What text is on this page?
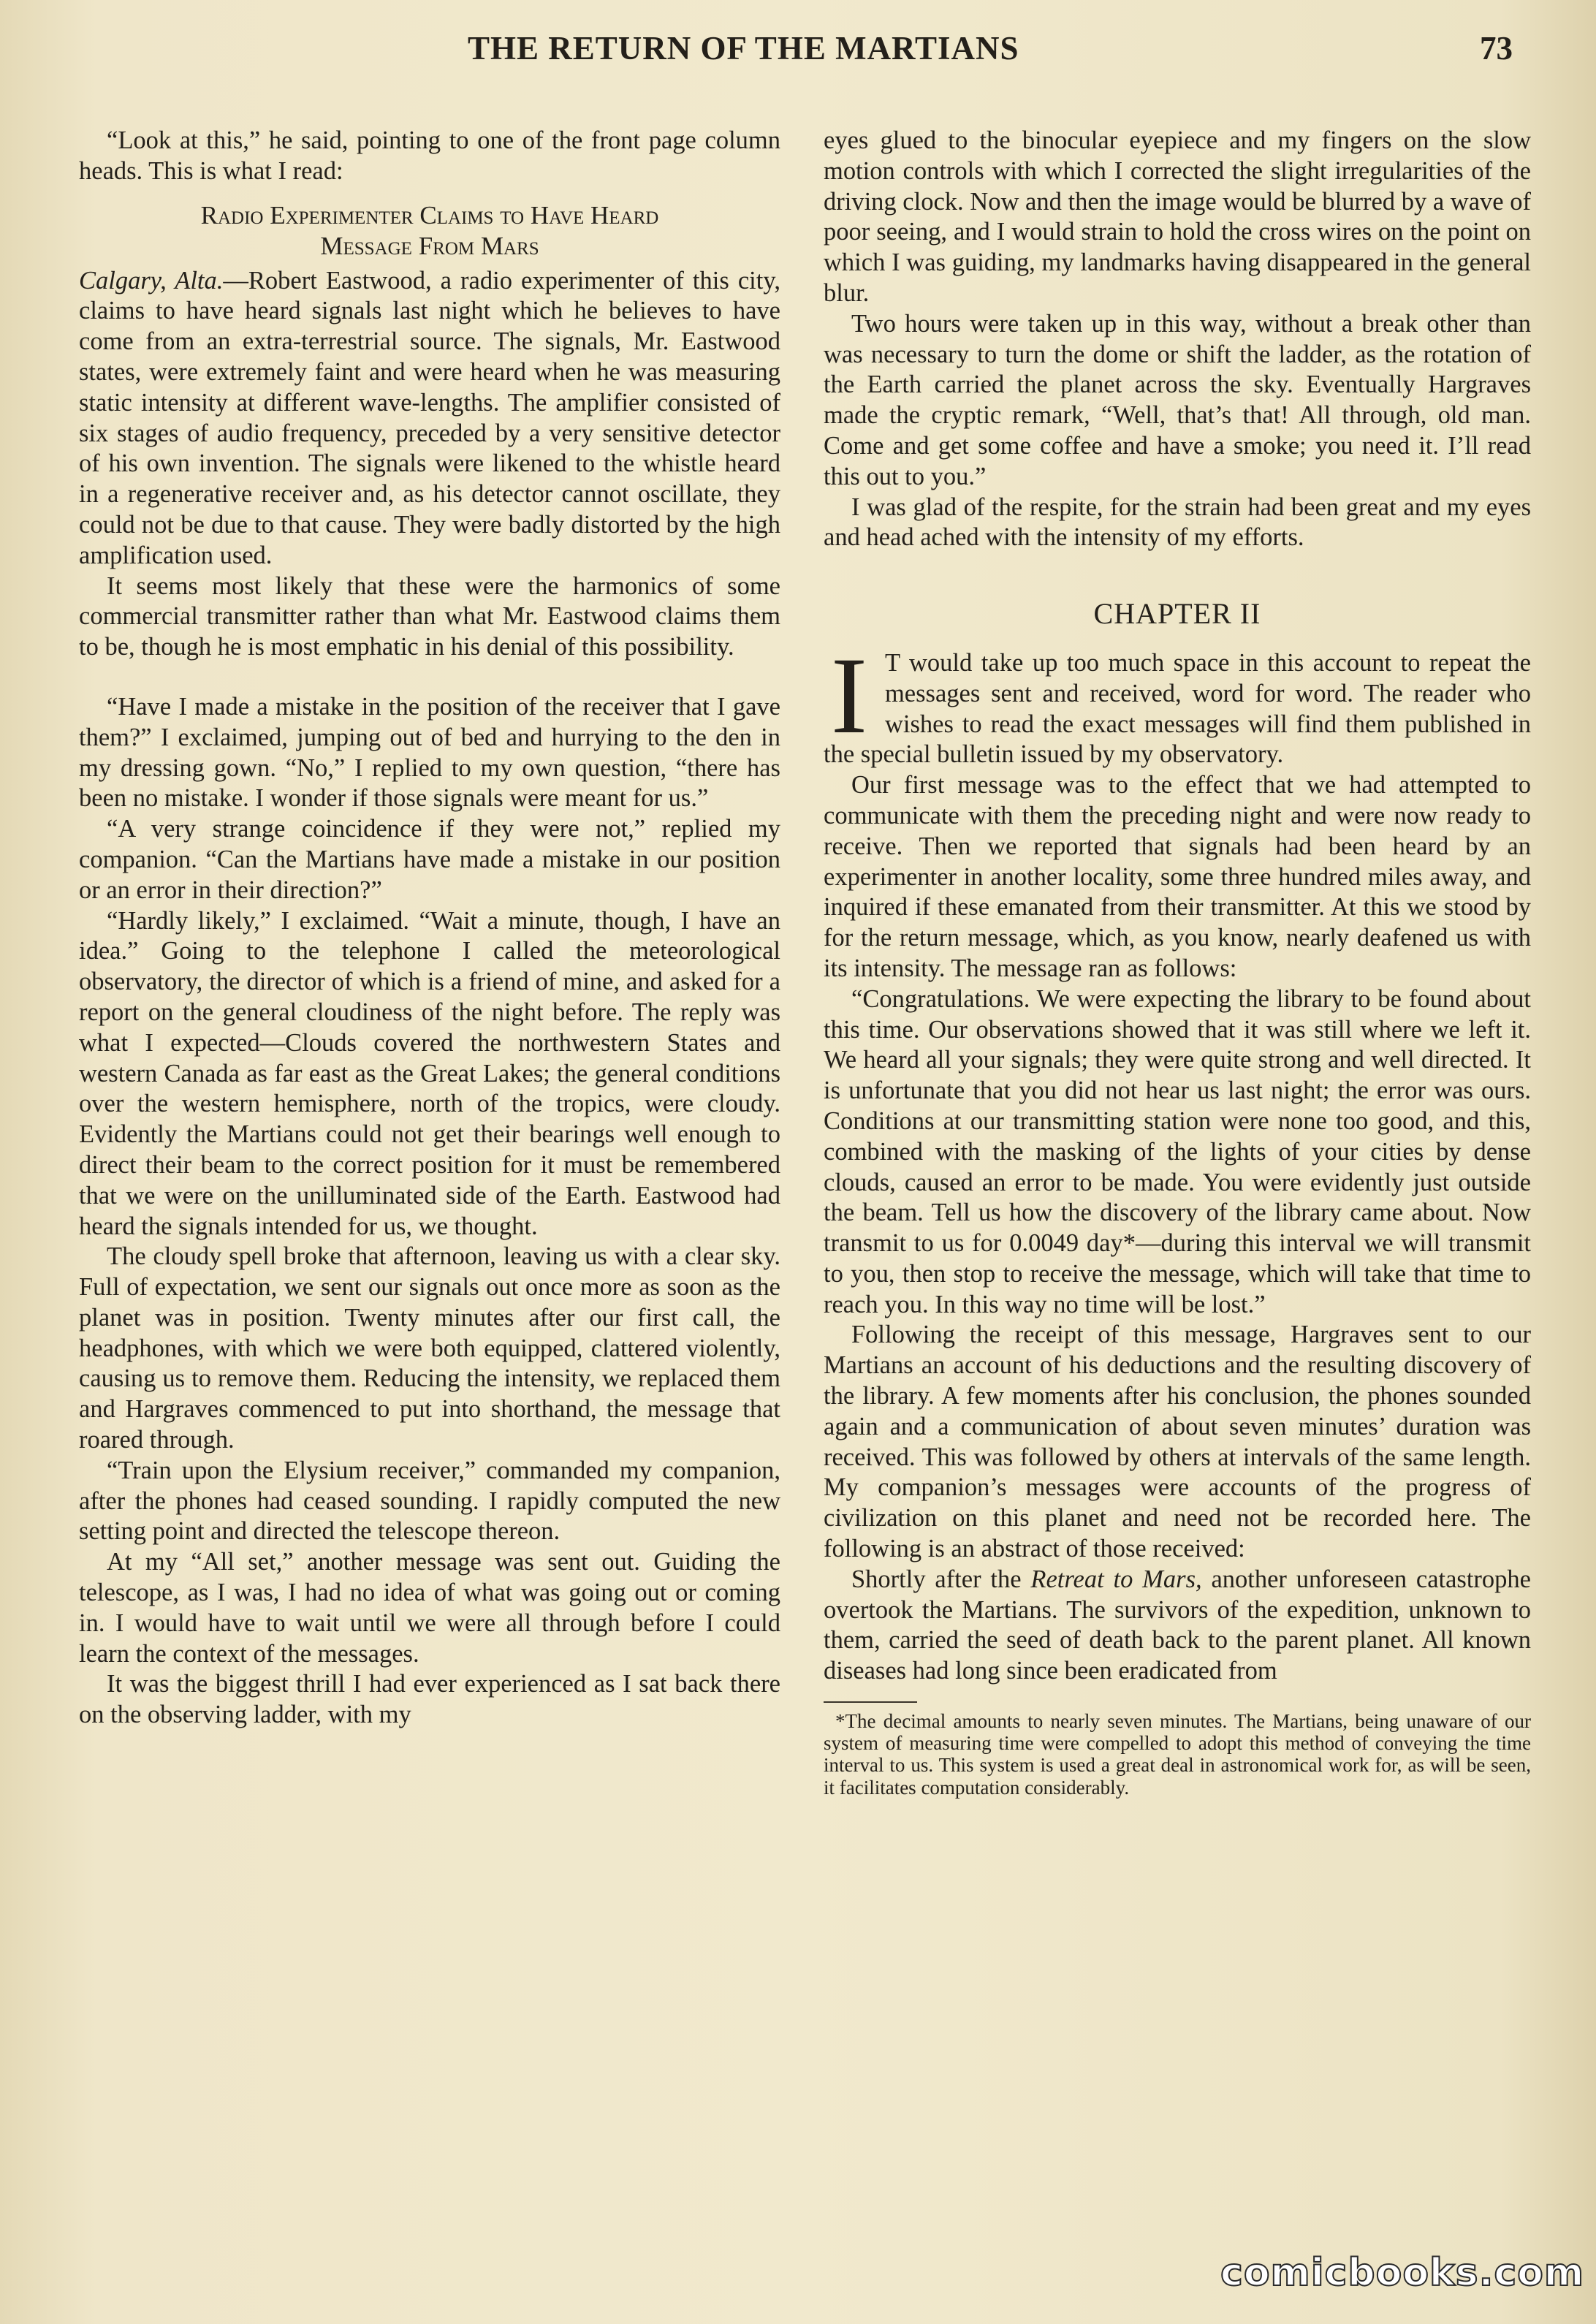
THE RETURN OF THE MARTIANS	73

“Look at this,” he said, pointing to one of the front page column heads. This is what I read:

Radio Experimenter Claims to Have Heard
Message From Mars

Calgary, Alta.—Robert Eastwood, a radio experimenter of this city, claims to have heard signals last night which he believes to have come from an extra-terrestrial source. The signals, Mr. Eastwood states, were extremely faint and were heard when he was measuring static intensity at different wave-lengths. The amplifier consisted of six stages of audio frequency, preceded by a very sensitive detector of his own invention. The signals were likened to the whistle heard in a regenerative receiver and, as his detector cannot oscillate, they could not be due to that cause. They were badly distorted by the high amplification used.

It seems most likely that these were the harmonics of some commercial transmitter rather than what Mr. Eastwood claims them to be, though he is most emphatic in his denial of this possibility.

“Have I made a mistake in the position of the receiver that I gave them?” I exclaimed, jumping out of bed and hurrying to the den in my dressing gown. “No,” I replied to my own question, “there has been no mistake. I wonder if those signals were meant for us.”

“A very strange coincidence if they were not,” replied my companion. “Can the Martians have made a mistake in our position or an error in their direction?”

“Hardly likely,” I exclaimed. “Wait a minute, though, I have an idea.” Going to the telephone I called the meteorological observatory, the director of which is a friend of mine, and asked for a report on the general cloudiness of the night before. The reply was what I expected—Clouds covered the northwestern States and western Canada as far east as the Great Lakes; the general conditions over the western hemisphere, north of the tropics, were cloudy. Evidently the Martians could not get their bearings well enough to direct their beam to the correct position for it must be remembered that we were on the unilluminated side of the Earth. Eastwood had heard the signals intended for us, we thought.

The cloudy spell broke that afternoon, leaving us with a clear sky. Full of expectation, we sent our signals out once more as soon as the planet was in position. Twenty minutes after our first call, the headphones, with which we were both equipped, clattered violently, causing us to remove them. Reducing the intensity, we replaced them and Hargraves commenced to put into shorthand, the message that roared through.

“Train upon the Elysium receiver,” commanded my companion, after the phones had ceased sounding. I rapidly computed the new setting point and directed the telescope thereon.

At my “All set,” another message was sent out. Guiding the telescope, as I was, I had no idea of what was going out or coming in. I would have to wait until we were all through before I could learn the context of the messages.

It was the biggest thrill I had ever experienced as I sat back there on the observing ladder, with my

eyes glued to the binocular eyepiece and my fingers on the slow motion controls with which I corrected the slight irregularities of the driving clock. Now and then the image would be blurred by a wave of poor seeing, and I would strain to hold the cross wires on the point on which I was guiding, my landmarks having disappeared in the general blur.

Two hours were taken up in this way, without a break other than was necessary to turn the dome or shift the ladder, as the rotation of the Earth carried the planet across the sky. Eventually Hargraves made the cryptic remark, “Well, that’s that! All through, old man. Come and get some coffee and have a smoke; you need it. I’ll read this out to you.”

I was glad of the respite, for the strain had been great and my eyes and head ached with the intensity of my efforts.

CHAPTER II

I T would take up too much space in this account to repeat the messages sent and received, word for word. The reader who wishes to read the exact messages will find them published in the special bulletin issued by my observatory.

Our first message was to the effect that we had attempted to communicate with them the preceding night and were now ready to receive. Then we reported that signals had been heard by an experimenter in another locality, some three hundred miles away, and inquired if these emanated from their transmitter. At this we stood by for the return message, which, as you know, nearly deafened us with its intensity. The message ran as follows:

“Congratulations. We were expecting the library to be found about this time. Our observations showed that it was still where we left it. We heard all your signals; they were quite strong and well directed. It is unfortunate that you did not hear us last night; the error was ours. Conditions at our transmitting station were none too good, and this, combined with the masking of the lights of your cities by dense clouds, caused an error to be made. You were evidently just outside the beam. Tell us how the discovery of the library came about. Now transmit to us for 0.0049 day*—during this interval we will transmit to you, then stop to receive the message, which will take that time to reach you. In this way no time will be lost.”

Following the receipt of this message, Hargraves sent to our Martians an account of his deductions and the resulting discovery of the library. A few moments after his conclusion, the phones sounded again and a communication of about seven minutes’ duration was received. This was followed by others at intervals of the same length. My companion’s messages were accounts of the progress of civilization on this planet and need not be recorded here. The following is an abstract of those received:

Shortly after the Retreat to Mars, another unforeseen catastrophe overtook the Martians. The survivors of the expedition, unknown to them, carried the seed of death back to the parent planet. All known diseases had long since been eradicated from

*The decimal amounts to nearly seven minutes. The Martians, being unaware of our system of measuring time were compelled to adopt this method of conveying the time interval to us. This system is used a great deal in astronomical work for, as will be seen, it facilitates computation considerably.

comicbooks.com
